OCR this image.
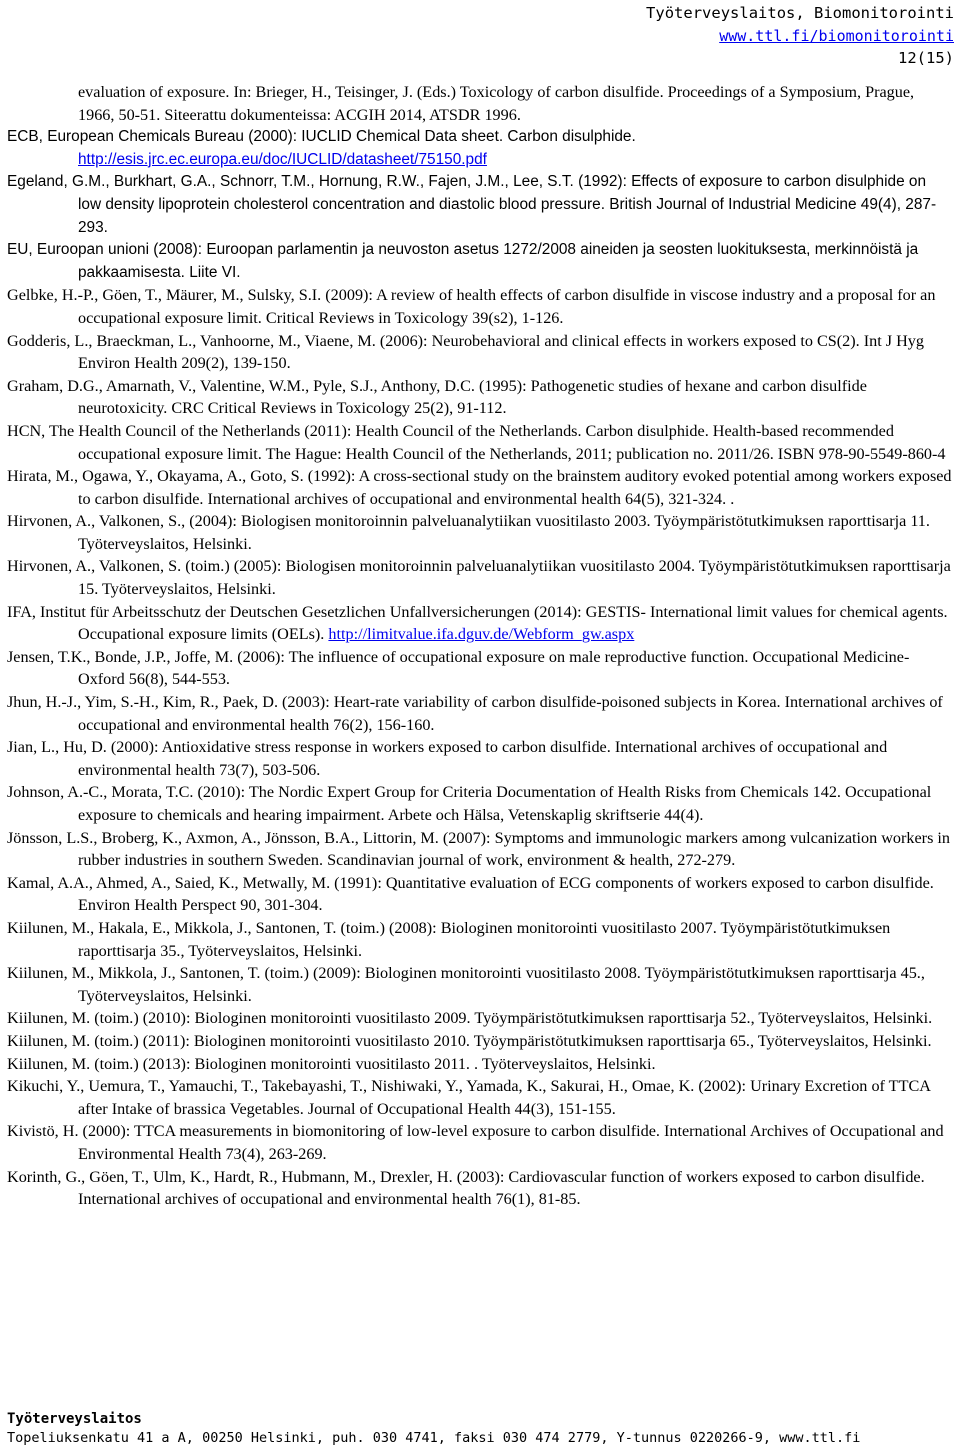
Työterveyslaitos, Biomonitorointi
www.ttl.fi/biomonitorointi
12(15)

evaluation of exposure. In: Brieger, H., Teisinger, J. (Eds.) Toxicology of carbon disulfide. Proceedings of a Symposium, Prague, 1966, 50-51. Siteerattu dokumenteissa: ACGIH 2014, ATSDR 1996.

ECB, European Chemicals Bureau (2000): IUCLID Chemical Data sheet. Carbon disulphide. http://esis.jrc.ec.europa.eu/doc/IUCLID/datasheet/75150.pdf

Egeland, G.M., Burkhart, G.A., Schnorr, T.M., Hornung, R.W., Fajen, J.M., Lee, S.T. (1992): Effects of exposure to carbon disulphide on low density lipoprotein cholesterol concentration and diastolic blood pressure. British Journal of Industrial Medicine 49(4), 287-293.

EU, Euroopan unioni (2008): Euroopan parlamentin ja neuvoston asetus 1272/2008 aineiden ja seosten luokituksesta, merkinnöistä ja pakkaamisesta. Liite VI.

Gelbke, H.-P., Göen, T., Mäurer, M., Sulsky, S.I. (2009): A review of health effects of carbon disulfide in viscose industry and a proposal for an occupational exposure limit. Critical Reviews in Toxicology 39(s2), 1-126.

Godderis, L., Braeckman, L., Vanhoorne, M., Viaene, M. (2006): Neurobehavioral and clinical effects in workers exposed to CS(2). Int J Hyg Environ Health 209(2), 139-150.

Graham, D.G., Amarnath, V., Valentine, W.M., Pyle, S.J., Anthony, D.C. (1995): Pathogenetic studies of hexane and carbon disulfide neurotoxicity. CRC Critical Reviews in Toxicology 25(2), 91-112.

HCN, The Health Council of the Netherlands (2011): Health Council of the Netherlands. Carbon disulphide. Health-based recommended occupational exposure limit. The Hague: Health Council of the Netherlands, 2011; publication no. 2011/26. ISBN 978-90-5549-860-4

Hirata, M., Ogawa, Y., Okayama, A., Goto, S. (1992): A cross-sectional study on the brainstem auditory evoked potential among workers exposed to carbon disulfide. International archives of occupational and environmental health 64(5), 321-324. .

Hirvonen, A., Valkonen, S., (2004): Biologisen monitoroinnin palveluanalytiikan vuositilasto 2003. Työympäristötutkimuksen raporttisarja 11. Työterveyslaitos, Helsinki.

Hirvonen, A., Valkonen, S. (toim.) (2005): Biologisen monitoroinnin palveluanalytiikan vuositilasto 2004. Työympäristötutkimuksen raporttisarja 15. Työterveyslaitos, Helsinki.

IFA, Institut für Arbeitsschutz der Deutschen Gesetzlichen Unfallversicherungen (2014): GESTIS- International limit values for chemical agents. Occupational exposure limits (OELs). http://limitvalue.ifa.dguv.de/Webform_gw.aspx

Jensen, T.K., Bonde, J.P., Joffe, M. (2006): The influence of occupational exposure on male reproductive function. Occupational Medicine-Oxford 56(8), 544-553.

Jhun, H.-J., Yim, S.-H., Kim, R., Paek, D. (2003): Heart-rate variability of carbon disulfide-poisoned subjects in Korea. International archives of occupational and environmental health 76(2), 156-160.

Jian, L., Hu, D. (2000): Antioxidative stress response in workers exposed to carbon disulfide. International archives of occupational and environmental health 73(7), 503-506.

Johnson, A.-C., Morata, T.C. (2010): The Nordic Expert Group for Criteria Documentation of Health Risks from Chemicals 142. Occupational exposure to chemicals and hearing impairment. Arbete och Hälsa, Vetenskaplig skriftserie 44(4).

Jönsson, L.S., Broberg, K., Axmon, A., Jönsson, B.A., Littorin, M. (2007): Symptoms and immunologic markers among vulcanization workers in rubber industries in southern Sweden. Scandinavian journal of work, environment & health, 272-279.

Kamal, A.A., Ahmed, A., Saied, K., Metwally, M. (1991): Quantitative evaluation of ECG components of workers exposed to carbon disulfide. Environ Health Perspect 90, 301-304.

Kiilunen, M., Hakala, E., Mikkola, J., Santonen, T. (toim.) (2008): Biologinen monitorointi vuositilasto 2007. Työympäristötutkimuksen raporttisarja 35., Työterveyslaitos, Helsinki.

Kiilunen, M., Mikkola, J., Santonen, T. (toim.) (2009): Biologinen monitorointi vuositilasto 2008. Työympäristötutkimuksen raporttisarja 45., Työterveyslaitos, Helsinki.

Kiilunen, M. (toim.) (2010): Biologinen monitorointi vuositilasto 2009. Työympäristötutkimuksen raporttisarja 52., Työterveyslaitos, Helsinki.

Kiilunen, M. (toim.) (2011): Biologinen monitorointi vuositilasto 2010. Työympäristötutkimuksen raporttisarja 65., Työterveyslaitos, Helsinki.

Kiilunen, M. (toim.) (2013): Biologinen monitorointi vuositilasto 2011. . Työterveyslaitos, Helsinki.

Kikuchi, Y., Uemura, T., Yamauchi, T., Takebayashi, T., Nishiwaki, Y., Yamada, K., Sakurai, H., Omae, K. (2002): Urinary Excretion of TTCA after Intake of brassica Vegetables. Journal of Occupational Health 44(3), 151-155.

Kivistö, H. (2000): TTCA measurements in biomonitoring of low-level exposure to carbon disulfide. International Archives of Occupational and Environmental Health 73(4), 263-269.

Korinth, G., Göen, T., Ulm, K., Hardt, R., Hubmann, M., Drexler, H. (2003): Cardiovascular function of workers exposed to carbon disulfide. International archives of occupational and environmental health 76(1), 81-85.

Työterveyslaitos
Topeliuksenkatu 41 a A, 00250 Helsinki, puh. 030 4741, faksi 030 474 2779, Y-tunnus 0220266-9, www.ttl.fi
